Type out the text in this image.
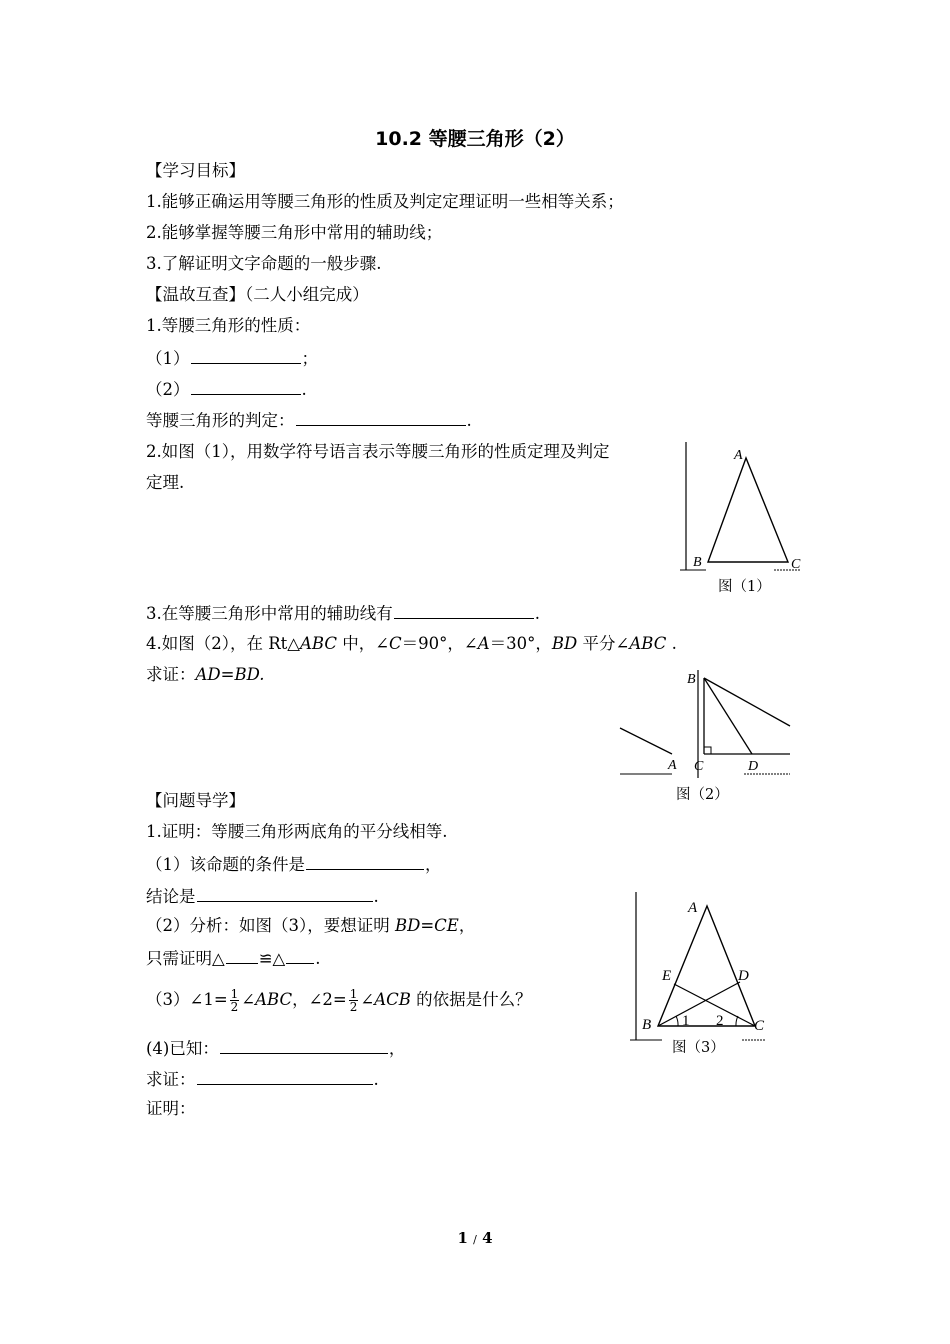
10.2 等腰三角形（2）
【学习目标】
1.能够正确运用等腰三角形的性质及判定定理证明一些相等关系；
2.能够掌握等腰三角形中常用的辅助线；
3.了解证明文字命题的一般步骤.
【温故互查】（二人小组完成）
1.等腰三角形的性质：
（1）	；
（2）	.
等腰三角形的判定：	.
2.如图（1），用数学符号语言表示等腰三角形的性质定理及判定
定理.
A
B	C
图（1）
3.在等腰三角形中常用的辅助线有	.
4.如图（2），在 Rt△ABC 中，∠C＝90°，∠A＝30°，BD 平分∠ABC .
求证：AD=BD.	B
A C	D
图（2）
【问题导学】
1.证明：等腰三角形两底角的平分线相等.
（1）该命题的条件是	，
结论是	.
（2）分析：如图（3），要想证明 BD=CE，
只需证明△ ≌△ .
（3）∠1= $\frac{1}{2}$ ∠ABC，∠2= $\frac{1}{2}$ ∠ACB 的依据是什么？
(4)已知：	，
求证：	.
证明：
A
E	D
B	C
1 2
图（3）
1 / 4
